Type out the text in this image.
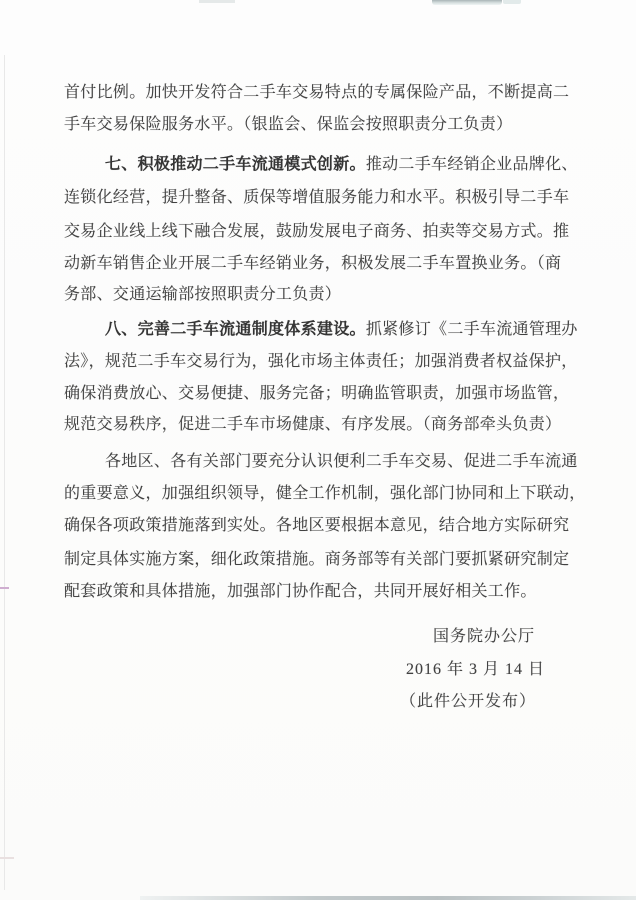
首付比例。加快开发符合二手车交易特点的专属保险产品，不断提高二
手车交易保险服务水平。（银监会、保监会按照职责分工负责）
七、积极推动二手车流通模式创新。推动二手车经销企业品牌化、
连锁化经营，提升整备、质保等增值服务能力和水平。积极引导二手车
交易企业线上线下融合发展，鼓励发展电子商务、拍卖等交易方式。推
动新车销售企业开展二手车经销业务，积极发展二手车置换业务。（商
务部、交通运输部按照职责分工负责）
八、完善二手车流通制度体系建设。抓紧修订《二手车流通管理办
法》，规范二手车交易行为，强化市场主体责任；加强消费者权益保护，
确保消费放心、交易便捷、服务完备；明确监管职责，加强市场监管，
规范交易秩序，促进二手车市场健康、有序发展。（商务部牵头负责）
各地区、各有关部门要充分认识便利二手车交易、促进二手车流通
的重要意义，加强组织领导，健全工作机制，强化部门协同和上下联动，
确保各项政策措施落到实处。各地区要根据本意见，结合地方实际研究
制定具体实施方案，细化政策措施。商务部等有关部门要抓紧研究制定
配套政策和具体措施，加强部门协作配合，共同开展好相关工作。
国务院办公厅
2016 年 3 月 14 日
（此件公开发布）
